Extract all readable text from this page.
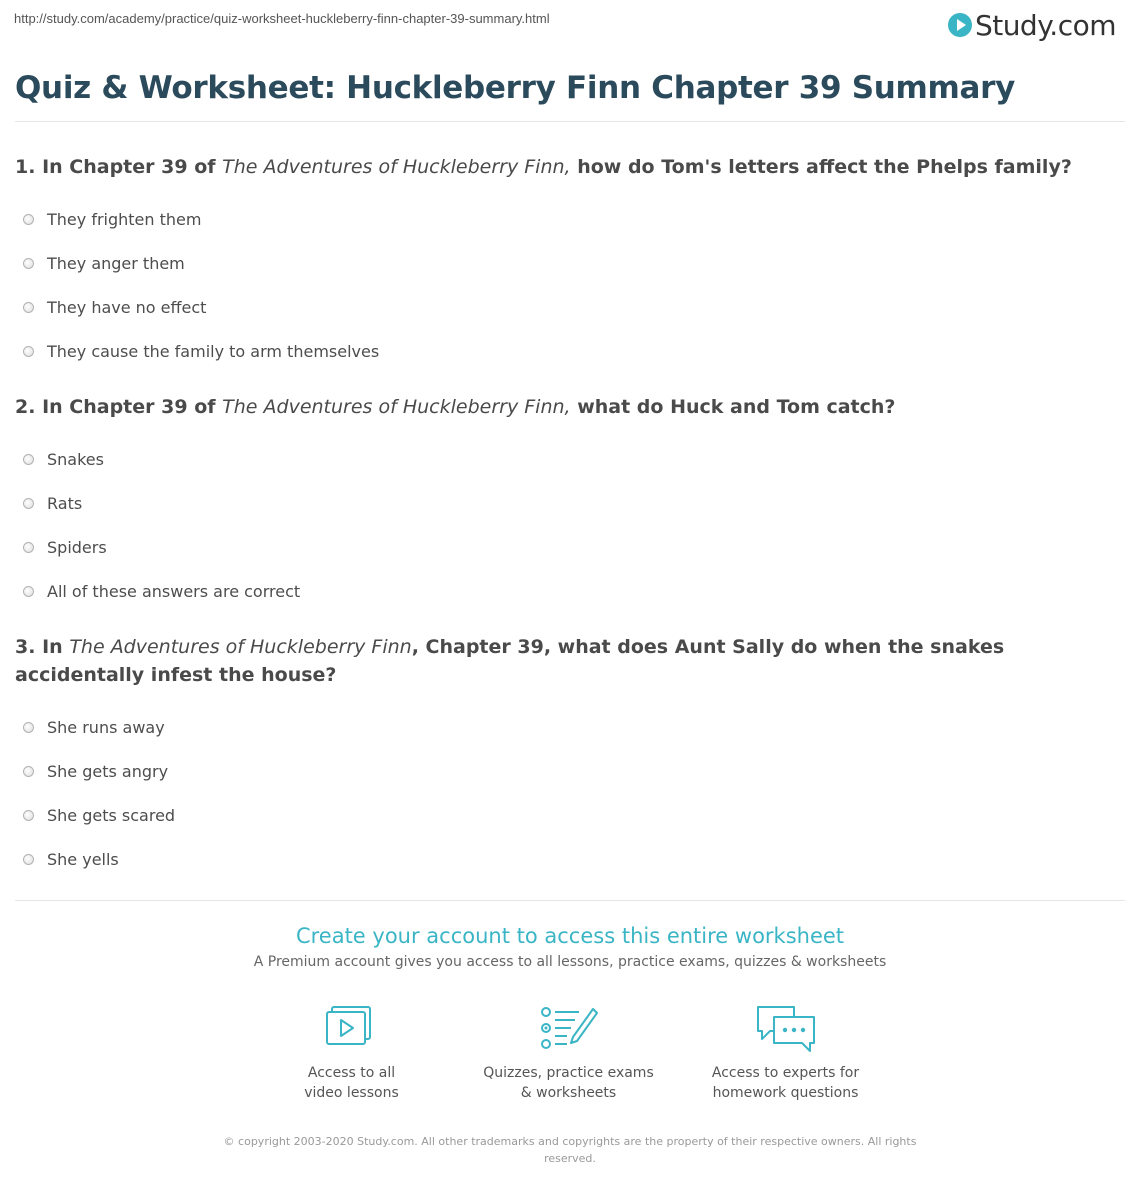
http://study.com/academy/practice/quiz-worksheet-huckleberry-finn-chapter-39-summary.html	Study.com
Quiz & Worksheet: Huckleberry Finn Chapter 39 Summary
1. In Chapter 39 of The Adventures of Huckleberry Finn, how do Tom's letters affect the Phelps family?
They frighten them
They anger them
They have no effect
They cause the family to arm themselves
2. In Chapter 39 of The Adventures of Huckleberry Finn, what do Huck and Tom catch?
Snakes
Rats
Spiders
All of these answers are correct
3. In The Adventures of Huckleberry Finn, Chapter 39, what does Aunt Sally do when the snakes accidentally infest the house?
She runs away
She gets angry
She gets scared
She yells
Create your account to access this entire worksheet
A Premium account gives you access to all lessons, practice exams, quizzes & worksheets
Access to all
video lessons
Quizzes, practice exams
& worksheets
Access to experts for
homework questions
© copyright 2003-2020 Study.com. All other trademarks and copyrights are the property of their respective owners. All rights reserved.
